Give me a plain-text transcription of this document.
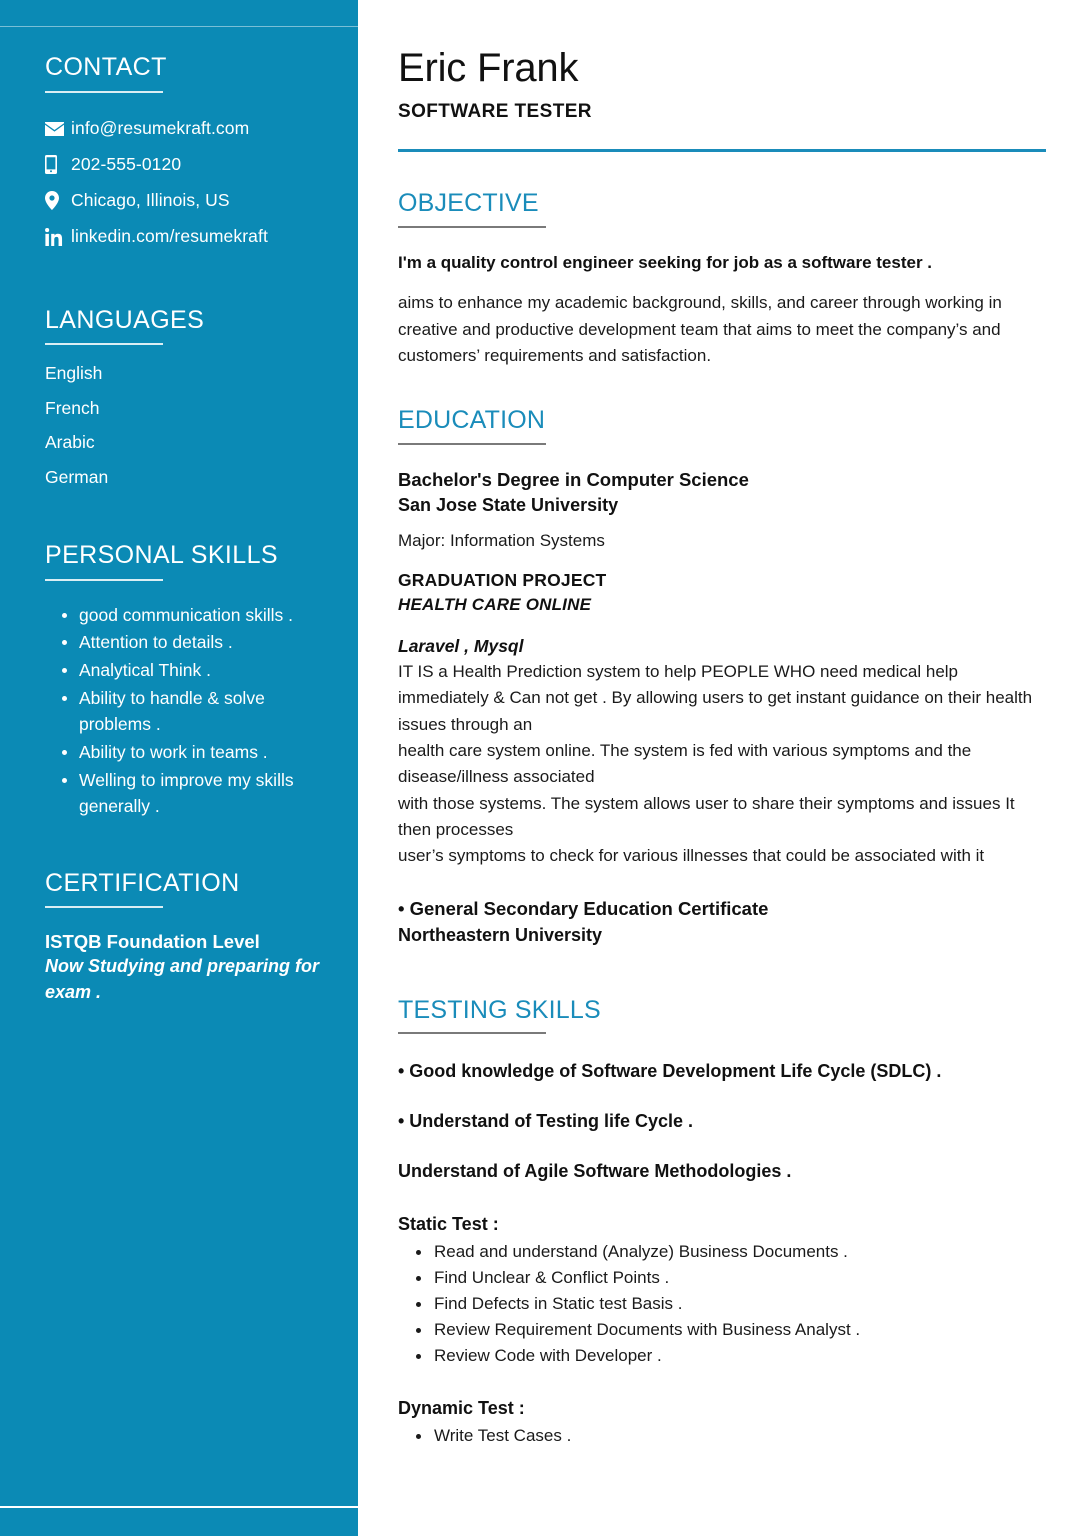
CONTACT
info@resumekraft.com
202-555-0120
Chicago, Illinois, US
linkedin.com/resumekraft
LANGUAGES
English
French
Arabic
German
PERSONAL SKILLS
good communication skills .
Attention to details .
Analytical Think .
Ability to handle & solve problems .
Ability to work in teams .
Welling to improve my skills generally .
CERTIFICATION
ISTQB Foundation Level
Now Studying and preparing for exam .
Eric Frank
SOFTWARE TESTER
OBJECTIVE

I'm a quality control engineer seeking for job as a software tester .

aims to enhance my academic background, skills, and career through working in creative and productive development team that aims to meet the company’s and customers’ requirements and satisfaction.

EDUCATION
Bachelor's Degree in Computer Science
San Jose State University
Major: Information Systems
GRADUATION PROJECT
HEALTH CARE ONLINE
Laravel , Mysql
IT IS a Health Prediction system to help PEOPLE WHO need medical help immediately & Can not get . By allowing users to get instant guidance on their health issues through an
health care system online. The system is fed with various symptoms and the disease/illness associated
with those systems. The system allows user to share their symptoms and issues It then processes
user’s symptoms to check for various illnesses that could be associated with it
• General Secondary Education Certificate
Northeastern University
TESTING SKILLS
• Good knowledge of Software Development Life Cycle (SDLC) .
• Understand of Testing life Cycle .
Understand of Agile Software Methodologies .
Static Test :
Read and understand (Analyze) Business Documents .
Find Unclear & Conflict Points .
Find Defects in Static test Basis .
Review Requirement Documents with Business Analyst .
Review Code with Developer .
Dynamic Test :
Write Test Cases .
